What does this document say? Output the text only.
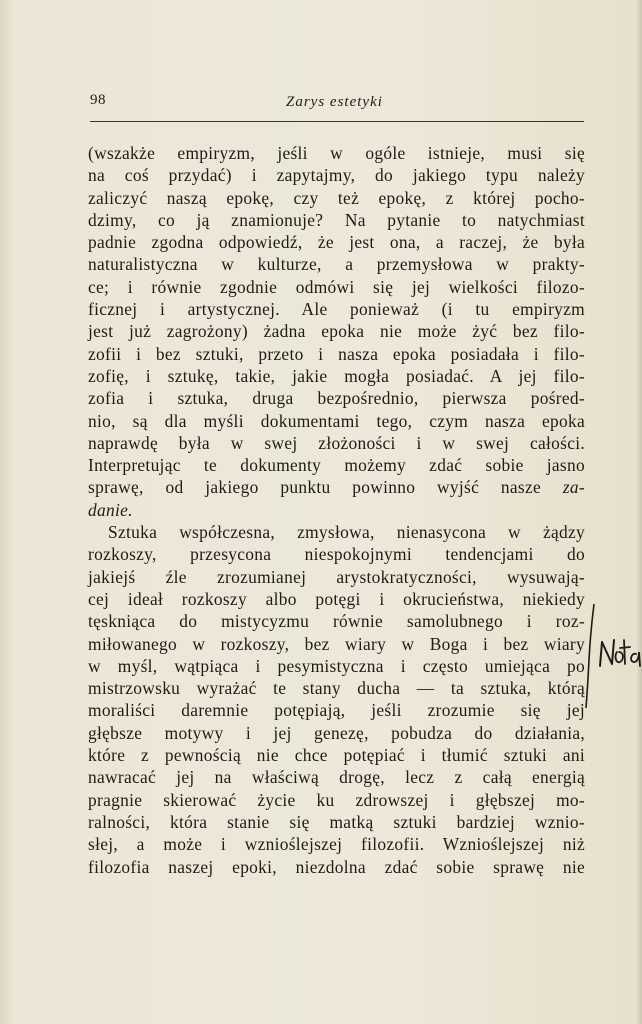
98	Zarys estetyki
(wszakże empiryzm, jeśli w ogóle istnieje, musi się
na coś przydać) i zapytajmy, do jakiego typu należy
zaliczyć naszą epokę, czy też epokę, z której pocho-
dzimy, co ją znamionuje? Na pytanie to natychmiast
padnie zgodna odpowiedź, że jest ona, a raczej, że była
naturalistyczna w kulturze, a przemysłowa w prakty-
ce; i równie zgodnie odmówi się jej wielkości filozo-
ficznej i artystycznej. Ale ponieważ (i tu empiryzm
jest już zagrożony) żadna epoka nie może żyć bez filo-
zofii i bez sztuki, przeto i nasza epoka posiadała i filo-
zofię, i sztukę, takie, jakie mogła posiadać. A jej filo-
zofia i sztuka, druga bezpośrednio, pierwsza pośred-
nio, są dla myśli dokumentami tego, czym nasza epoka
naprawdę była w swej złożoności i w swej całości.
Interpretując te dokumenty możemy zdać sobie jasno
sprawę, od jakiego punktu powinno wyjść nasze za-
danie.
Sztuka współczesna, zmysłowa, nienasycona w żądzy
rozkoszy, przesycona niespokojnymi tendencjami do
jakiejś źle zrozumianej arystokratyczności, wysuwają-
cej ideał rozkoszy albo potęgi i okrucieństwa, niekiedy
tęskniąca do mistycyzmu równie samolubnego i roz-
miłowanego w rozkoszy, bez wiary w Boga i bez wiary
w myśl, wątpiąca i pesymistyczna i często umiejąca po
mistrzowsku wyrażać te stany ducha — ta sztuka, którą
moraliści daremnie potępiają, jeśli zrozumie się jej
głębsze motywy i jej genezę, pobudza do działania,
które z pewnością nie chce potępiać i tłumić sztuki ani
nawracać jej na właściwą drogę, lecz z całą energią
pragnie skierować życie ku zdrowszej i głębszej mo-
ralności, która stanie się matką sztuki bardziej wznio-
słej, a może i wznioślejszej filozofii. Wznioślejszej niż
filozofia naszej epoki, niezdolna zdać sobie sprawę nie
